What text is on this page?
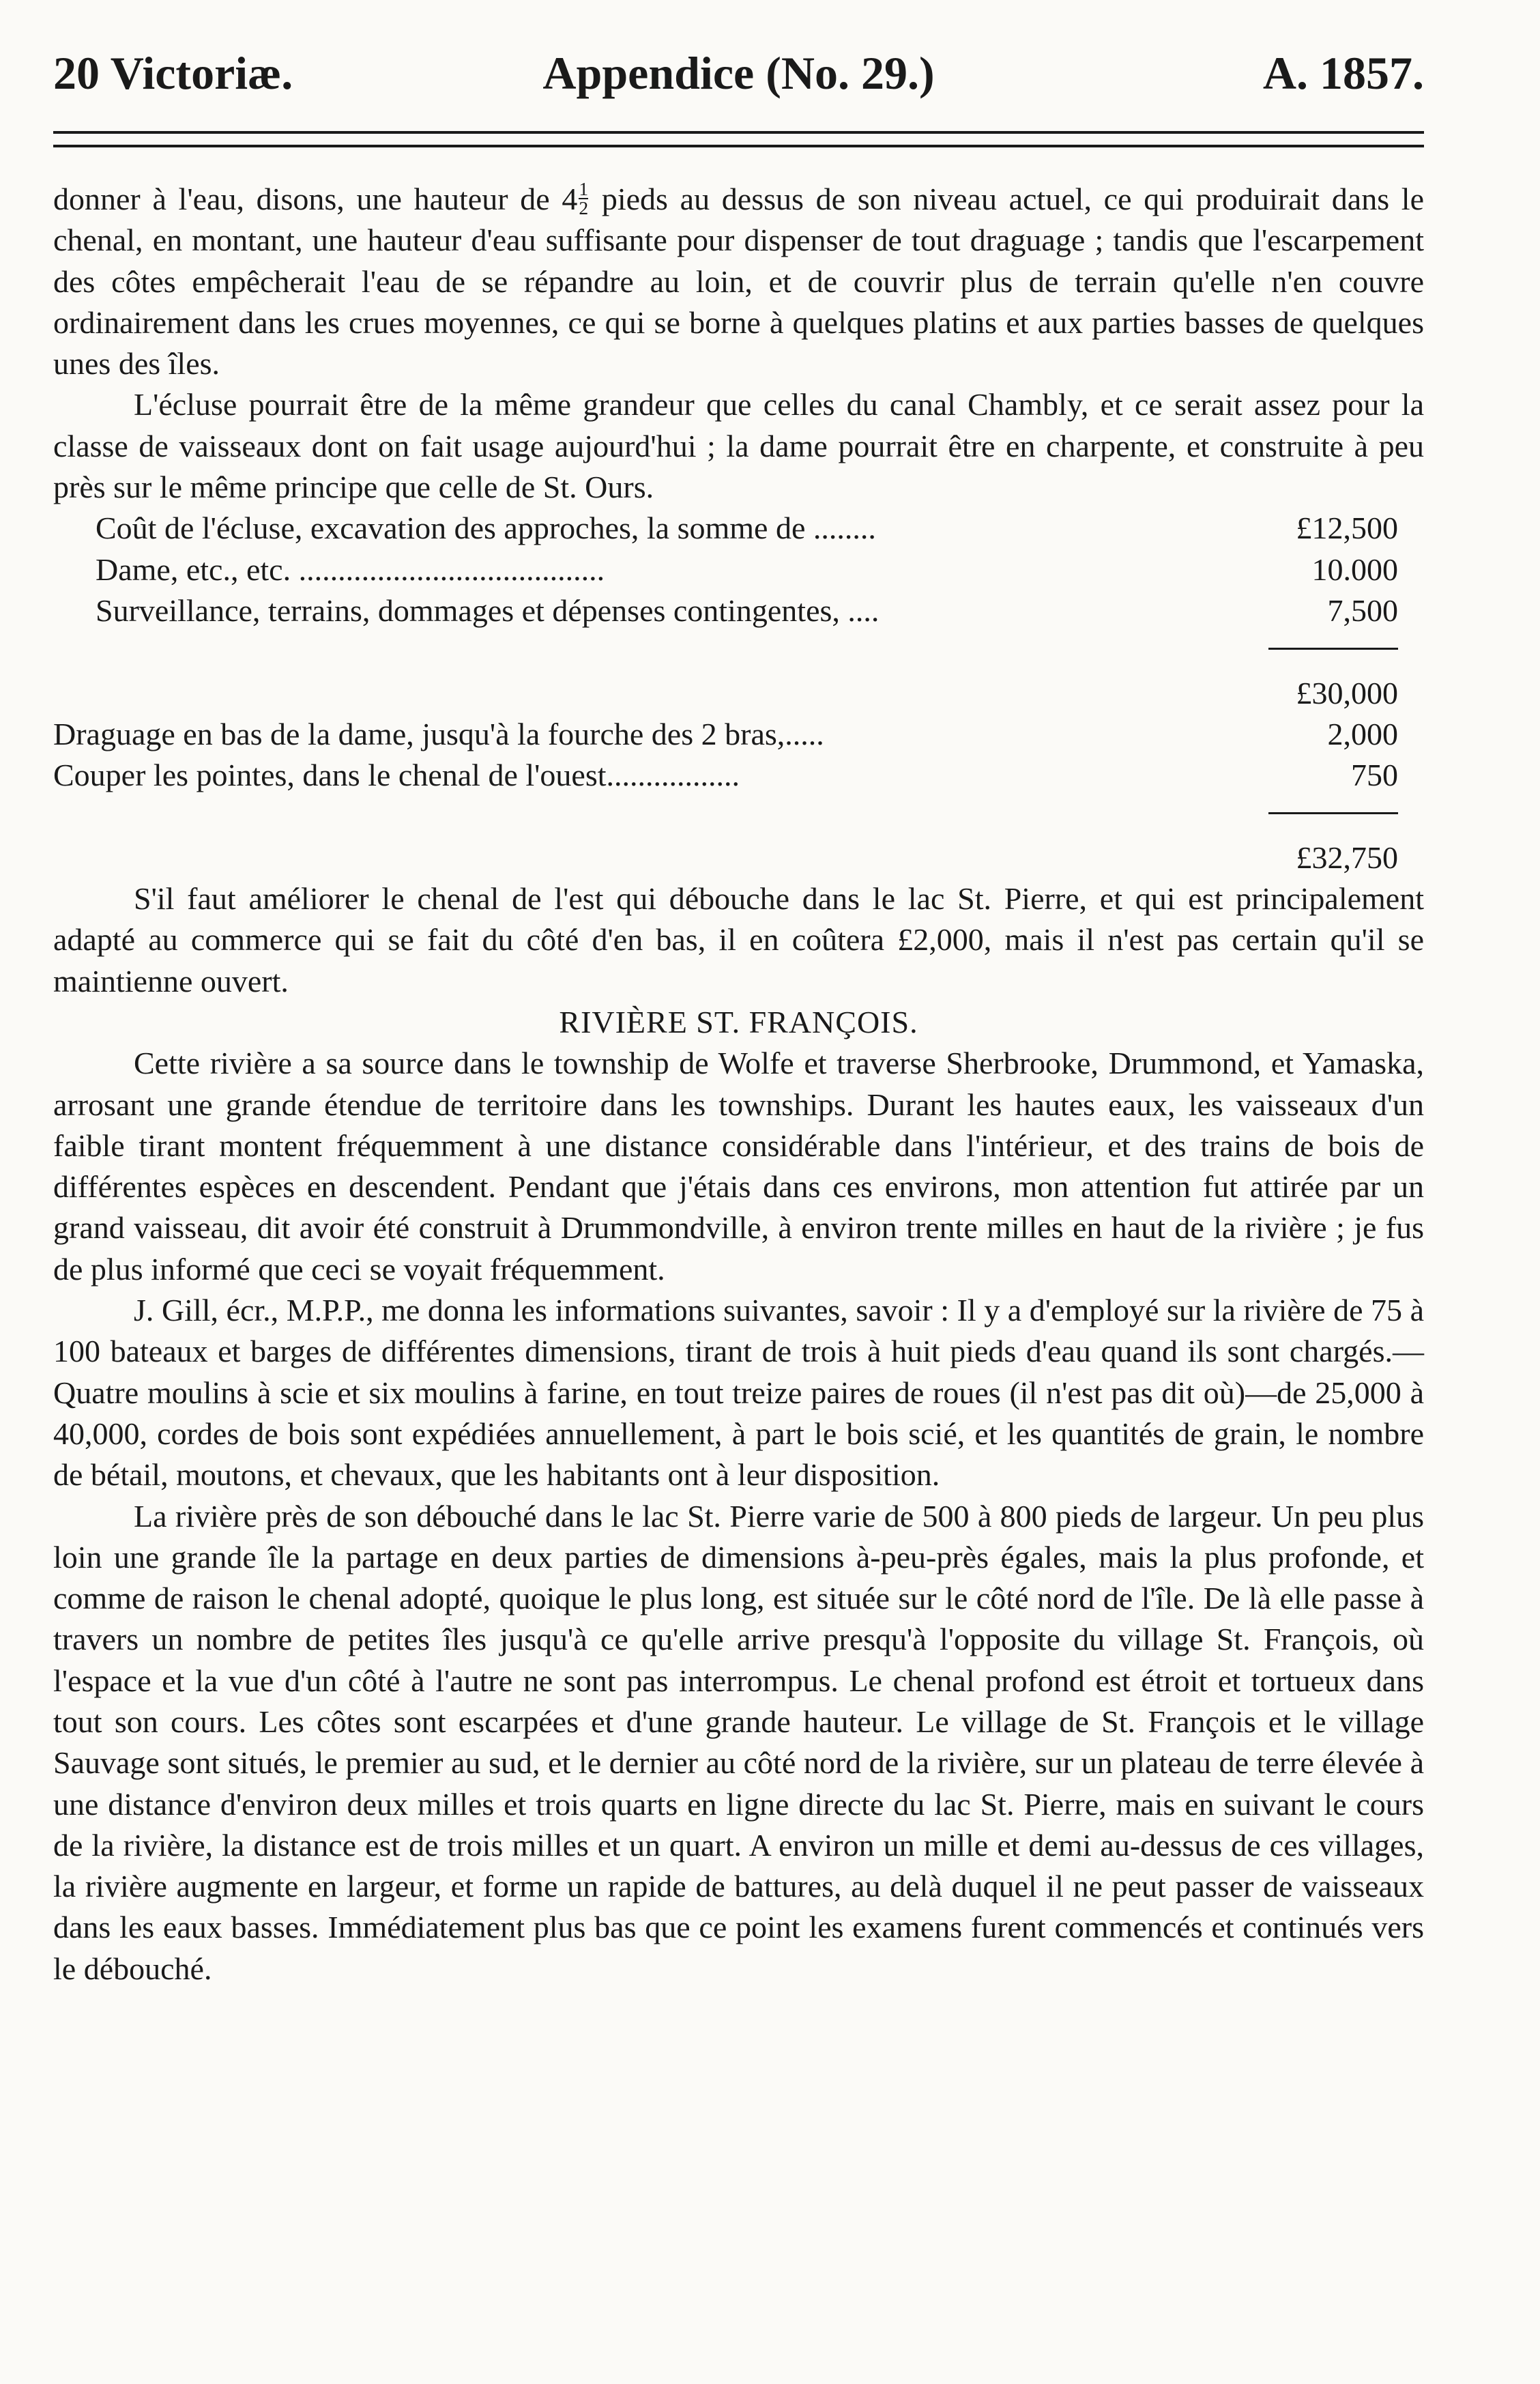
20 Victoriæ.	Appendice (No. 29.)	A. 1857.

donner à l'eau, disons, une hauteur de $4 \frac{1}{2}$ pieds au dessus de son niveau actuel, ce qui produirait dans le chenal, en montant, une hauteur d'eau suffisante pour dispenser de tout draguage ; tandis que l'escarpement des côtes empêcherait l'eau de se répandre au loin, et de couvrir plus de terrain qu'elle n'en couvre ordinairement dans les crues moyennes, ce qui se borne à quelques platins et aux parties basses de quelques unes des îles.

L'écluse pourrait être de la même grandeur que celles du canal Chambly, et ce serait assez pour la classe de vaisseaux dont on fait usage aujourd'hui ; la dame pourrait être en charpente, et construite à peu près sur le même principe que celle de St. Ours.

Coût de l'écluse, excavation des approches, la somme de ........	£12,500
Dame, etc., etc. .......................................	10.000
Surveillance, terrains, dommages et dépenses contingentes, ....	7,500
£30,000
Draguage en bas de la dame, jusqu'à la fourche des 2 bras,.....	2,000
Couper les pointes, dans le chenal de l'ouest.................	750
£32,750

S'il faut améliorer le chenal de l'est qui débouche dans le lac St. Pierre, et qui est principalement adapté au commerce qui se fait du côté d'en bas, il en coûtera £2,000, mais il n'est pas certain qu'il se maintienne ouvert.

RIVIÈRE ST. FRANÇOIS.

Cette rivière a sa source dans le township de Wolfe et traverse Sherbrooke, Drummond, et Yamaska, arrosant une grande étendue de territoire dans les townships. Durant les hautes eaux, les vaisseaux d'un faible tirant montent fréquemment à une distance considérable dans l'intérieur, et des trains de bois de différentes espèces en descendent. Pendant que j'étais dans ces environs, mon attention fut attirée par un grand vaisseau, dit avoir été construit à Drummondville, à environ trente milles en haut de la rivière ; je fus de plus informé que ceci se voyait fréquemment.

J. Gill, écr., M.P.P., me donna les informations suivantes, savoir : Il y a d'employé sur la rivière de 75 à 100 bateaux et barges de différentes dimensions, tirant de trois à huit pieds d'eau quand ils sont chargés.—Quatre moulins à scie et six moulins à farine, en tout treize paires de roues (il n'est pas dit où)—de 25,000 à 40,000, cordes de bois sont expédiées annuellement, à part le bois scié, et les quantités de grain, le nombre de bétail, moutons, et chevaux, que les habitants ont à leur disposition.

La rivière près de son débouché dans le lac St. Pierre varie de 500 à 800 pieds de largeur. Un peu plus loin une grande île la partage en deux parties de dimensions à-peu-près égales, mais la plus profonde, et comme de raison le chenal adopté, quoique le plus long, est située sur le côté nord de l'île. De là elle passe à travers un nombre de petites îles jusqu'à ce qu'elle arrive presqu'à l'opposite du village St. François, où l'espace et la vue d'un côté à l'autre ne sont pas interrompus. Le chenal profond est étroit et tortueux dans tout son cours. Les côtes sont escarpées et d'une grande hauteur. Le village de St. François et le village Sauvage sont situés, le premier au sud, et le dernier au côté nord de la rivière, sur un plateau de terre élevée à une distance d'environ deux milles et trois quarts en ligne directe du lac St. Pierre, mais en suivant le cours de la rivière, la distance est de trois milles et un quart. A environ un mille et demi au-dessus de ces villages, la rivière augmente en largeur, et forme un rapide de battures, au delà duquel il ne peut passer de vaisseaux dans les eaux basses. Immédiatement plus bas que ce point les examens furent commencés et continués vers le débouché.
